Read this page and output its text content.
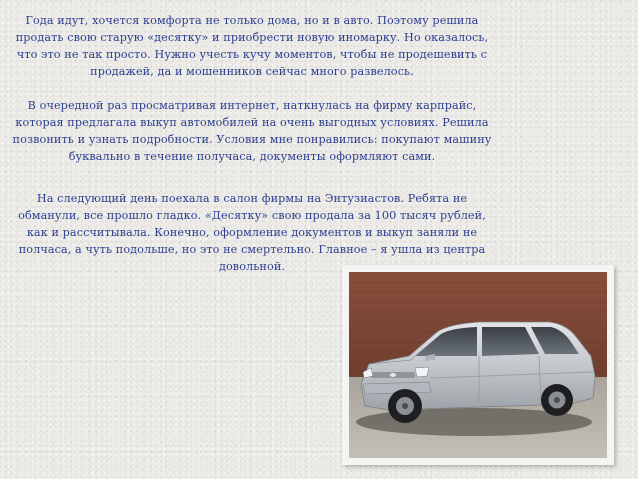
Года идут, хочется комфорта не только дома, но и в авто. Поэтому решила продать свою старую «десятку» и приобрести новую иномарку. Но оказалось, что это не так просто. Нужно учесть кучу моментов, чтобы не продешевить с продажей, да и мошенников сейчас много развелось.

В очередной раз просматривая интернет, наткнулась на фирму карпрайс, которая предлагала выкуп автомобилей на очень выгодных условиях. Решила позвонить и узнать подробности. Условия мне понравились: покупают машину буквально в течение получаса, документы оформляют сами.

На следующий день поехала в салон фирмы на Энтузиастов. Ребята не обманули, все прошло гладко. «Десятку» свою продала за 100 тысяч рублей, как и рассчитывала. Конечно, оформление документов и выкуп заняли не полчаса, а чуть подольше, но это не смертельно. Главное – я ушла из центра довольной.
